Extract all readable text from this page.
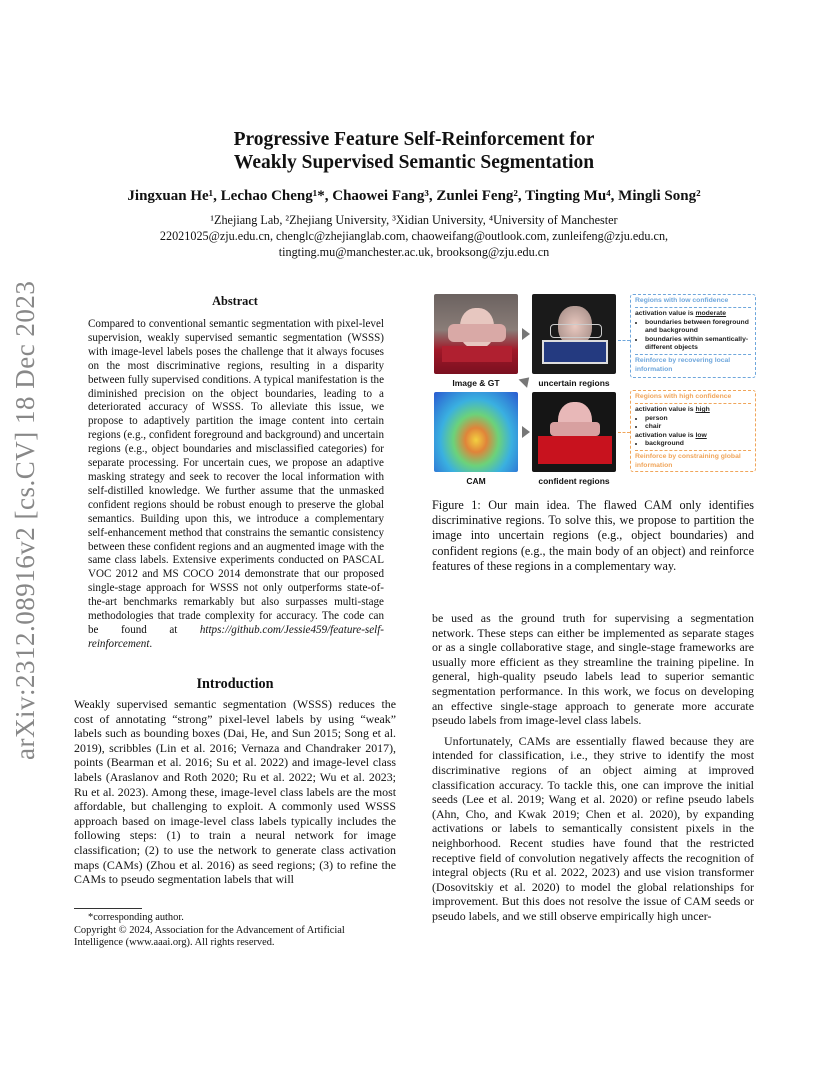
arXiv:2312.08916v2 [cs.CV] 18 Dec 2023
Progressive Feature Self-Reinforcement for
Weakly Supervised Semantic Segmentation
Jingxuan He¹, Lechao Cheng¹*, Chaowei Fang³, Zunlei Feng², Tingting Mu⁴, Mingli Song²
¹Zhejiang Lab, ²Zhejiang University, ³Xidian University, ⁴University of Manchester
22021025@zju.edu.cn, chenglc@zhejianglab.com, chaoweifang@outlook.com, zunleifeng@zju.edu.cn,
tingting.mu@manchester.ac.uk, brooksong@zju.edu.cn
Abstract
Compared to conventional semantic segmentation with pixel-level supervision, weakly supervised semantic segmentation (WSSS) with image-level labels poses the challenge that it always focuses on the most discriminative regions, resulting in a disparity between fully supervised conditions. A typical manifestation is the diminished precision on the object boundaries, leading to a deteriorated accuracy of WSSS. To alleviate this issue, we propose to adaptively partition the image content into certain regions (e.g., confident foreground and background) and uncertain regions (e.g., object boundaries and misclassified categories) for separate processing. For uncertain cues, we propose an adaptive masking strategy and seek to recover the local information with self-distilled knowledge. We further assume that the unmasked confident regions should be robust enough to preserve the global semantics. Building upon this, we introduce a complementary self-enhancement method that constrains the semantic consistency between these confident regions and an augmented image with the same class labels. Extensive experiments conducted on PASCAL VOC 2012 and MS COCO 2014 demonstrate that our proposed single-stage approach for WSSS not only outperforms state-of-the-art benchmarks remarkably but also surpasses multi-stage methodologies that trade complexity for accuracy. The code can be found at https://github.com/Jessie459/feature-self-reinforcement.
Introduction
Weakly supervised semantic segmentation (WSSS) reduces the cost of annotating “strong” pixel-level labels by using “weak” labels such as bounding boxes (Dai, He, and Sun 2015; Song et al. 2019), scribbles (Lin et al. 2016; Vernaza and Chandraker 2017), points (Bearman et al. 2016; Su et al. 2022) and image-level class labels (Araslanov and Roth 2020; Ru et al. 2022; Wu et al. 2023; Ru et al. 2023). Among these, image-level class labels are the most affordable, but challenging to exploit. A commonly used WSSS approach based on image-level class labels typically includes the following steps: (1) to train a neural network for image classification; (2) to use the network to generate class activation maps (CAMs) (Zhou et al. 2016) as seed regions; (3) to refine the CAMs to pseudo segmentation labels that will
*corresponding author.
Copyright © 2024, Association for the Advancement of Artificial Intelligence (www.aaai.org). All rights reserved.
Image & GT	uncertain regions
CAM	confident regions
Regions with low confidence
activation value is moderate
• boundaries between foreground and background
• boundaries within semantically-different objects
Reinforce by recovering local information
Regions with high confidence
activation value is high
• person
• chair
activation value is low
• background
Reinforce by constraining global information
Figure 1: Our main idea. The flawed CAM only identifies discriminative regions. To solve this, we propose to partition the image into uncertain regions (e.g., object boundaries) and confident regions (e.g., the main body of an object) and reinforce features of these regions in a complementary way.

be used as the ground truth for supervising a segmentation network. These steps can either be implemented as separate stages or as a single collaborative stage, and single-stage frameworks are usually more efficient as they streamline the training pipeline. In general, high-quality pseudo labels lead to superior semantic segmentation performance. In this work, we focus on developing an effective single-stage approach to generate more accurate pseudo labels from image-level class labels.

Unfortunately, CAMs are essentially flawed because they are intended for classification, i.e., they strive to identify the most discriminative regions of an object aiming at improved classification accuracy. To tackle this, one can improve the initial seeds (Lee et al. 2019; Wang et al. 2020) or refine pseudo labels (Ahn, Cho, and Kwak 2019; Chen et al. 2020), by expanding activations or labels to semantically consistent pixels in the neighborhood. Recent studies have found that the restricted receptive field of convolution negatively affects the recognition of integral objects (Ru et al. 2022, 2023) and use vision transformer (Dosovitskiy et al. 2020) to model the global relationships for improvement. But this does not resolve the issue of CAM seeds or pseudo labels, and we still observe empirically high uncer-
